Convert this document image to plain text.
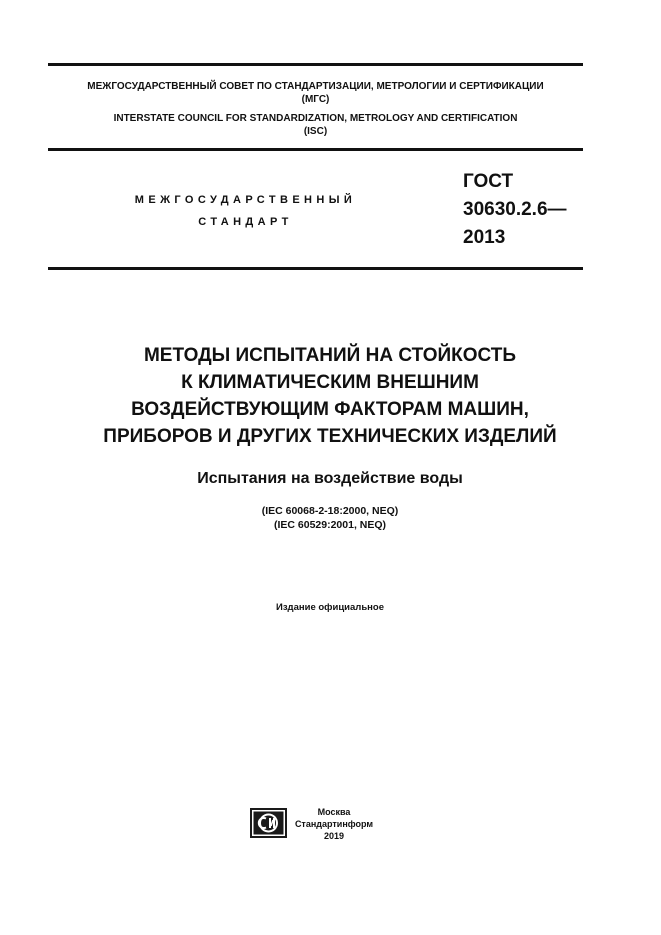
МЕЖГОСУДАРСТВЕННЫЙ СОВЕТ ПО СТАНДАРТИЗАЦИИ, МЕТРОЛОГИИ И СЕРТИФИКАЦИИ
(МГС)
INTERSTATE COUNCIL FOR STANDARDIZATION, METROLOGY AND CERTIFICATION
(ISC)
МЕЖГОСУДАРСТВЕННЫЙ
СТАНДАРТ
ГОСТ
30630.2.6—
2013
МЕТОДЫ ИСПЫТАНИЙ НА СТОЙКОСТЬ
К КЛИМАТИЧЕСКИМ ВНЕШНИМ
ВОЗДЕЙСТВУЮЩИМ ФАКТОРАМ МАШИН,
ПРИБОРОВ И ДРУГИХ ТЕХНИЧЕСКИХ ИЗДЕЛИЙ
Испытания на воздействие воды
(IEC 60068-2-18:2000, NEQ)
(IEC 60529:2001, NEQ)
Издание официальное
Москва
Стандартинформ
2019
